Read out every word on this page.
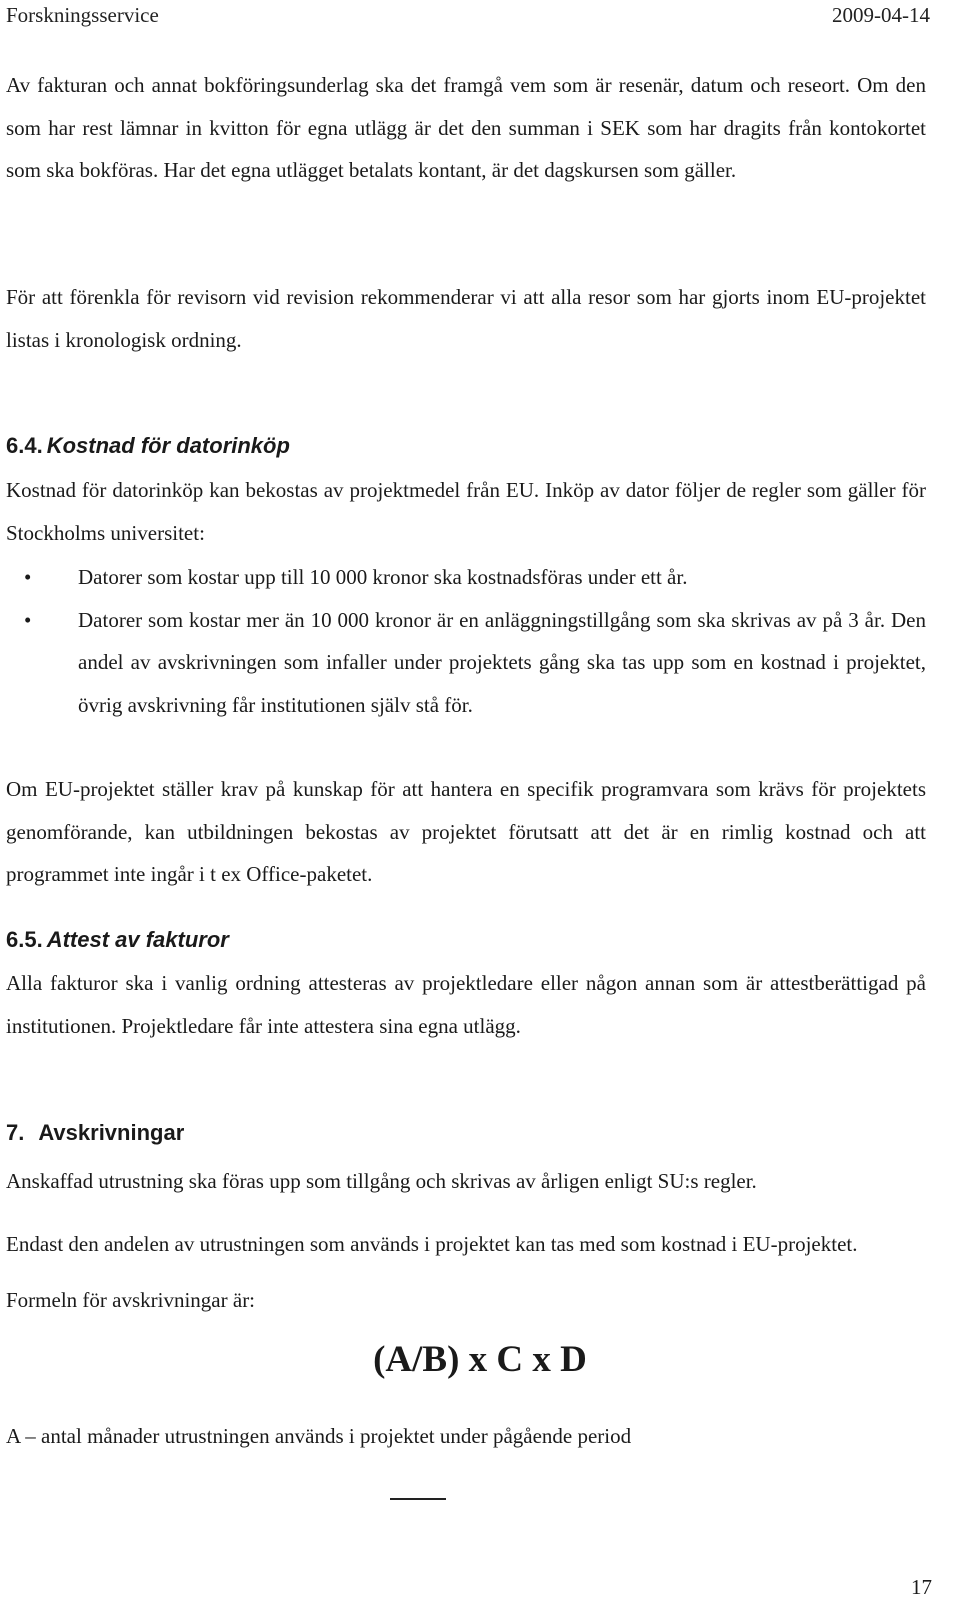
Forskningsservice	2009-04-14

Av fakturan och annat bokföringsunderlag ska det framgå vem som är resenär, datum och reseort. Om den som har rest lämnar in kvitton för egna utlägg är det den summan i SEK som har dragits från kontokortet som ska bokföras. Har det egna utlägget betalats kontant, är det dagskursen som gäller.

För att förenkla för revisorn vid revision rekommenderar vi att alla resor som har gjorts inom EU-projektet listas i kronologisk ordning.

6.4. Kostnad för datorinköp

Kostnad för datorinköp kan bekostas av projektmedel från EU. Inköp av dator följer de regler som gäller för Stockholms universitet:

• Datorer som kostar upp till 10 000 kronor ska kostnadsföras under ett år.
• Datorer som kostar mer än 10 000 kronor är en anläggningstillgång som ska skrivas av på 3 år. Den andel av avskrivningen som infaller under projektets gång ska tas upp som en kostnad i projektet, övrig avskrivning får institutionen själv stå för.

Om EU-projektet ställer krav på kunskap för att hantera en specifik programvara som krävs för projektets genomförande, kan utbildningen bekostas av projektet förutsatt att det är en rimlig kostnad och att programmet inte ingår i t ex Office-paketet.

6.5. Attest av fakturor

Alla fakturor ska i vanlig ordning attesteras av projektledare eller någon annan som är attestberättigad på institutionen. Projektledare får inte attestera sina egna utlägg.

7. Avskrivningar

Anskaffad utrustning ska föras upp som tillgång och skrivas av årligen enligt SU:s regler.

Endast den andelen av utrustningen som används i projektet kan tas med som kostnad i EU-projektet. Formeln för avskrivningar är:

(A/B) x C x D

A – antal månader utrustningen används i projektet under pågående period

17
